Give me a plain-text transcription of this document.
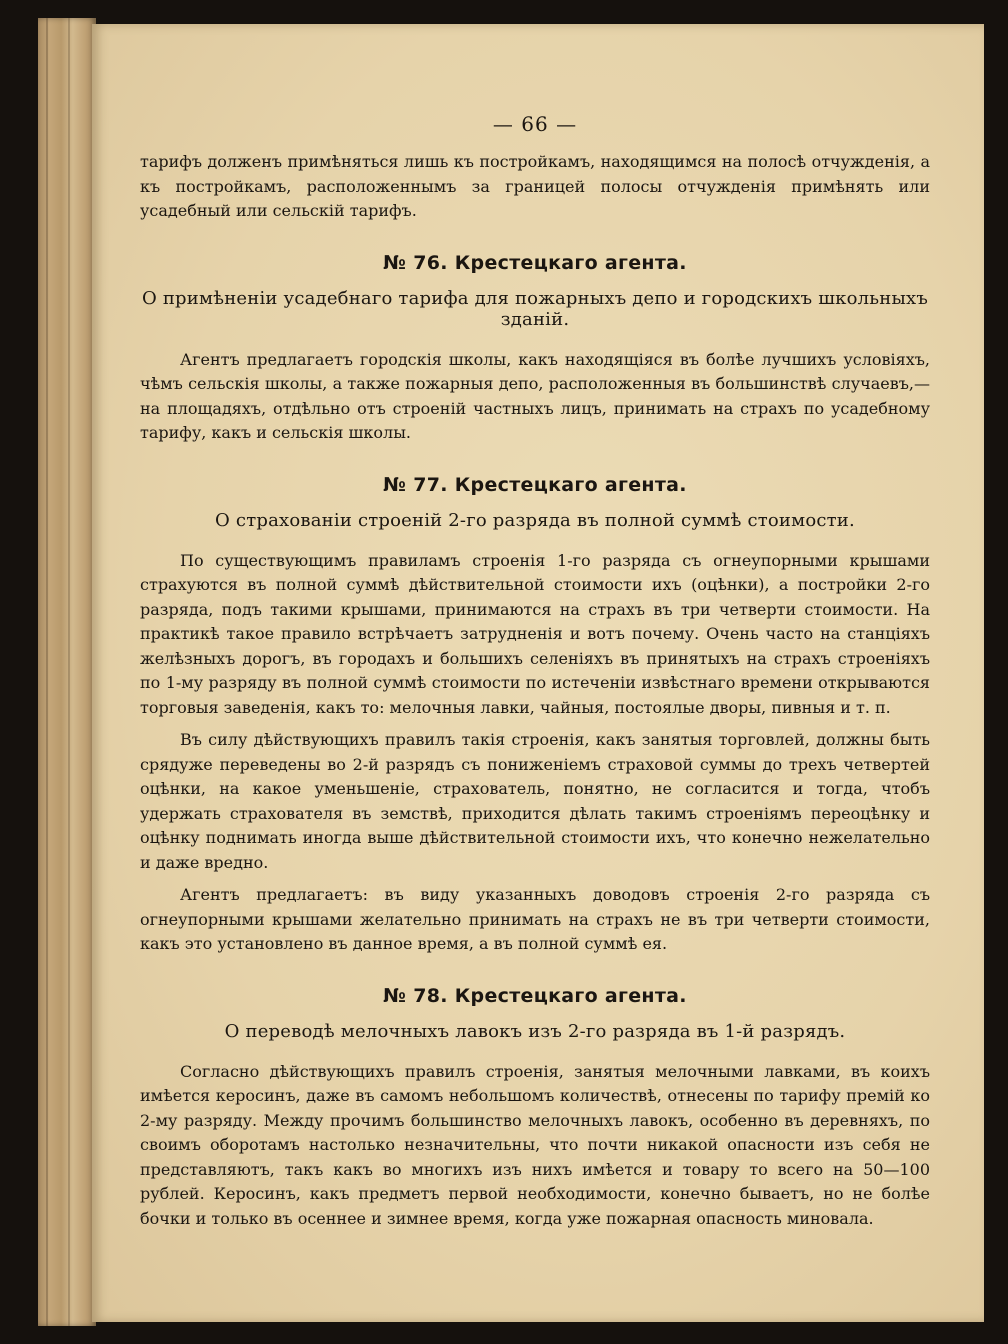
— 66 —

тарифъ долженъ примѣняться лишь къ постройкамъ, находящимся на полосѣ отчужденія, а къ постройкамъ, расположеннымъ за границей полосы отчужденія примѣнять или усадебный или сельскій тарифъ.

№ 76. Крестецкаго агента.
О примѣненіи усадебнаго тарифа для пожарныхъ депо и городскихъ школьныхъ зданій.

Агентъ предлагаетъ городскія школы, какъ находящіяся въ болѣе лучшихъ условіяхъ, чѣмъ сельскія школы, а также пожарныя депо, расположенныя въ большинствѣ случаевъ,—на площадяхъ, отдѣльно отъ строеній частныхъ лицъ, принимать на страхъ по усадебному тарифу, какъ и сельскія школы.

№ 77. Крестецкаго агента.
О страхованіи строеній 2-го разряда въ полной суммѣ стоимости.

По существующимъ правиламъ строенія 1-го разряда съ огнеупорными крышами страхуются въ полной суммѣ дѣйствительной стоимости ихъ (оцѣнки), а постройки 2-го разряда, подъ такими крышами, принимаются на страхъ въ три четверти стоимости. На практикѣ такое правило встрѣчаетъ затрудненія и вотъ почему. Очень часто на станціяхъ желѣзныхъ дорогъ, въ городахъ и большихъ селеніяхъ въ принятыхъ на страхъ строеніяхъ по 1-му разряду въ полной суммѣ стоимости по истеченіи извѣстнаго времени открываются торговыя заведенія, какъ то: мелочныя лавки, чайныя, постоялые дворы, пивныя и т. п.

Въ силу дѣйствующихъ правилъ такія строенія, какъ занятыя торговлей, должны быть срядуже переведены во 2-й разрядъ съ пониженіемъ страховой суммы до трехъ четвертей оцѣнки, на какое уменьшеніе, страхователь, понятно, не согласится и тогда, чтобъ удержать страхователя въ земствѣ, приходится дѣлать такимъ строеніямъ переоцѣнку и оцѣнку поднимать иногда выше дѣйствительной стоимости ихъ, что конечно нежелательно и даже вредно.

Агентъ предлагаетъ: въ виду указанныхъ доводовъ строенія 2-го разряда съ огнеупорными крышами желательно принимать на страхъ не въ три четверти стоимости, какъ это установлено въ данное время, а въ полной суммѣ ея.

№ 78. Крестецкаго агента.
О переводѣ мелочныхъ лавокъ изъ 2-го разряда въ 1-й разрядъ.

Согласно дѣйствующихъ правилъ строенія, занятыя мелочными лавками, въ коихъ имѣется керосинъ, даже въ самомъ небольшомъ количествѣ, отнесены по тарифу премій ко 2-му разряду. Между прочимъ большинство мелочныхъ лавокъ, особенно въ деревняхъ, по своимъ оборотамъ настолько незначительны, что почти никакой опасности изъ себя не представляютъ, такъ какъ во многихъ изъ нихъ имѣется и товару то всего на 50—100 рублей. Керосинъ, какъ предметъ первой необходимости, конечно бываетъ, но не болѣе бочки и только въ осеннее и зимнее время, когда уже пожарная опасность миновала.
